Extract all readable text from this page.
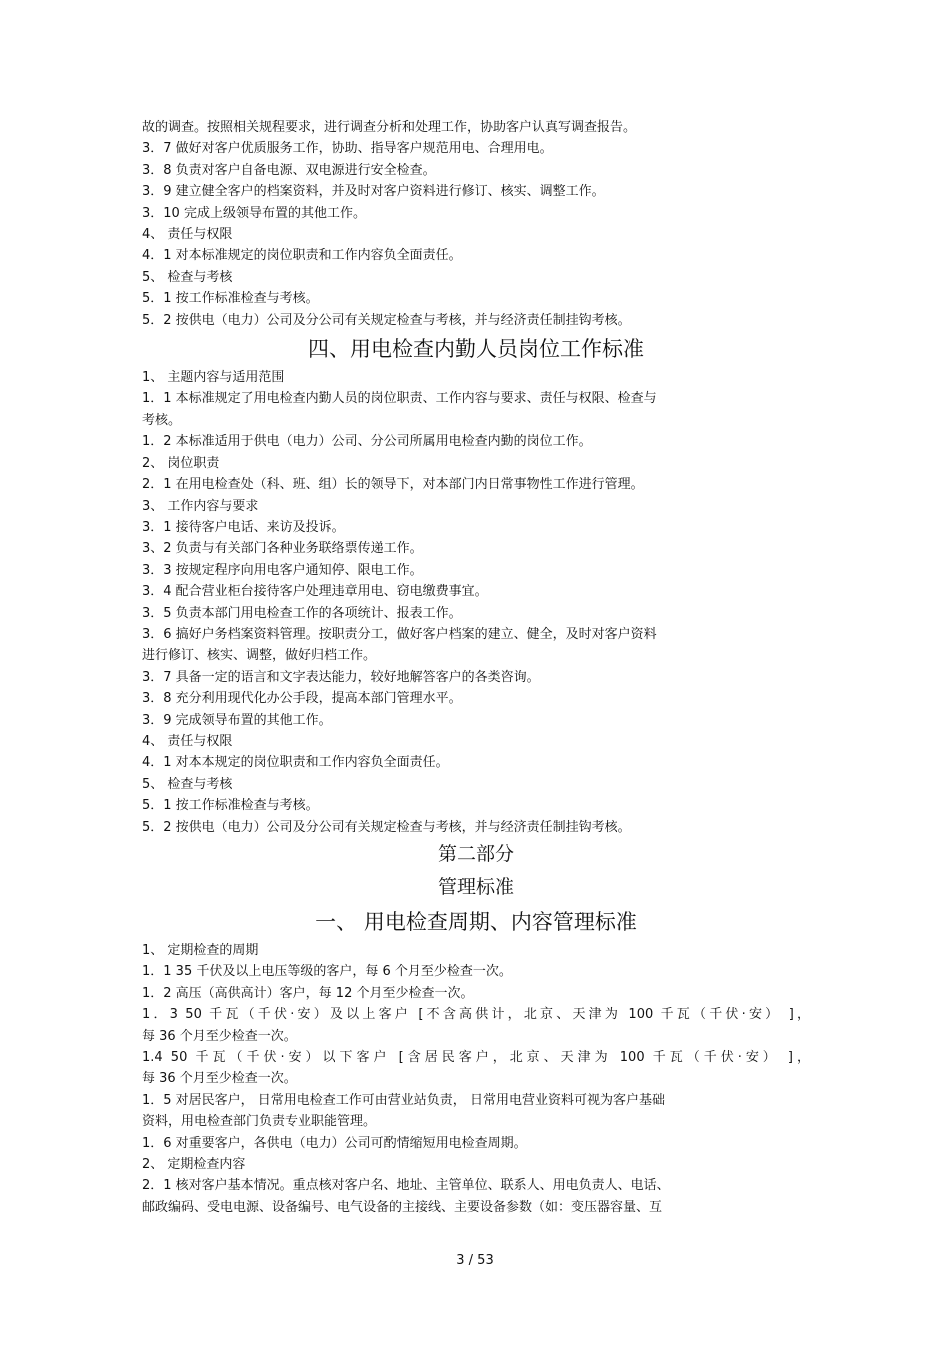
故的调查。按照相关规程要求，进行调查分析和处理工作，协助客户认真写调查报告。
3．7 做好对客户优质服务工作，协助、指导客户规范用电、合理用电。
3．8 负责对客户自备电源、双电源进行安全检查。
3．9 建立健全客户的档案资料，并及时对客户资料进行修订、核实、调整工作。
3．10 完成上级领导布置的其他工作。
4、 责任与权限
4．1 对本标准规定的岗位职责和工作内容负全面责任。
5、 检查与考核
5．1 按工作标准检查与考核。
5．2 按供电（电力）公司及分公司有关规定检查与考核，并与经济责任制挂钩考核。
四、用电检查内勤人员岗位工作标准
1、 主题内容与适用范围
1．1 本标准规定了用电检查内勤人员的岗位职责、工作内容与要求、责任与权限、检查与
考核。
1．2 本标准适用于供电（电力）公司、分公司所属用电检查内勤的岗位工作。
2、 岗位职责
2．1 在用电检查处（科、班、组）长的领导下，对本部门内日常事物性工作进行管理。
3、 工作内容与要求
3．1 接待客户电话、来访及投诉。
3、2 负责与有关部门各种业务联络票传递工作。
3．3 按规定程序向用电客户通知停、限电工作。
3．4 配合营业柜台接待客户处理违章用电、窃电缴费事宜。
3．5 负责本部门用电检查工作的各项统计、报表工作。
3．6 搞好户务档案资料管理。按职责分工，做好客户档案的建立、健全，及时对客户资料
进行修订、核实、调整，做好归档工作。
3．7 具备一定的语言和文字表达能力，较好地解答客户的各类咨询。
3．8 充分利用现代化办公手段，提高本部门管理水平。
3．9 完成领导布置的其他工作。
4、 责任与权限
4．1 对本本规定的岗位职责和工作内容负全面责任。
5、 检查与考核
5．1 按工作标准检查与考核。
5．2 按供电（电力）公司及分公司有关规定检查与考核，并与经济责任制挂钩考核。
第二部分
管理标准
一、 用电检查周期、内容管理标准
1、 定期检查的周期
1．1 35 千伏及以上电压等级的客户，每 6 个月至少检查一次。
1．2 高压（高供高计）客户，每 12 个月至少检查一次。
1．3 50 千瓦（千伏·安）及以上客户 [不含高供计，北京、天津为 100 千瓦（千伏·安） ]，
每 36 个月至少检查一次。
1.4 50 千瓦（千伏·安）以下客户 [含居民客户，北京、天津为 100 千瓦（千伏·安） ]，
每 36 个月至少检查一次。
1．5 对居民客户， 日常用电检查工作可由营业站负责， 日常用电营业资料可视为客户基础
资料，用电检查部门负责专业职能管理。
1．6 对重要客户，各供电（电力）公司可酌情缩短用电检查周期。
2、 定期检查内容
2．1 核对客户基本情况。重点核对客户名、地址、主管单位、联系人、用电负责人、电话、
邮政编码、受电电源、设备编号、电气设备的主接线、主要设备参数（如：变压器容量、互
3 / 53
